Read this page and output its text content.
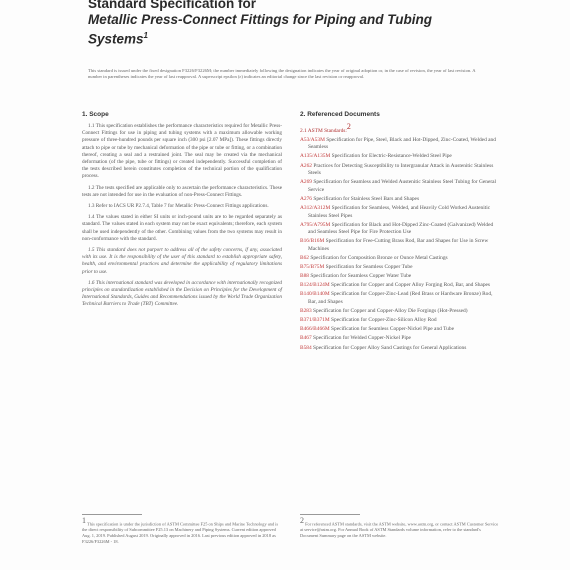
Standard Specification for
Metallic Press-Connect Fittings for Piping and Tubing
Systems$^1$
This standard is issued under the fixed designation F3226/F3226M; the number immediately following the designation indicates the year of original adoption or, in the case of revision, the year of last revision. A number in parentheses indicates the year of last reapproval. A superscript epsilon (ε) indicates an editorial change since the last revision or reapproval.
1. Scope
1.1 This specification establishes the performance characteristics required for Metallic Press-Connect Fittings for use in piping and tubing systems with a maximum allowable working pressure of three-hundred pounds per square inch (300 psi [2.07 MPa]). These fittings directly attach to pipe or tube by mechanical deformation of the pipe or tube or fitting, or a combination thereof, creating a seal and a restrained joint. The seal may be created via the mechanical deformation (of the pipe, tube or fittings) or created independently. Successful completion of the tests described herein constitutes completion of the technical portion of the qualification process.
1.2 The tests specified are applicable only to ascertain the performance characteristics. These tests are not intended for use in the evaluation of non-Press-Connect Fittings.
1.3 Refer to IACS UR P2.7.4, Table 7 for Metallic Press-Connect Fittings applications.
1.4 The values stated in either SI units or inch-pound units are to be regarded separately as standard. The values stated in each system may not be exact equivalents; therefore, each system shall be used independently of the other. Combining values from the two systems may result in non-conformance with the standard.
1.5 This standard does not purport to address all of the safety concerns, if any, associated with its use. It is the responsibility of the user of this standard to establish appropriate safety, health, and environmental practices and determine the applicability of regulatory limitations prior to use.
1.6 This international standard was developed in accordance with internationally recognized principles on standardization established in the Decision on Principles for the Development of International Standards, Guides and Recommendations issued by the World Trade Organization Technical Barriers to Trade (TBT) Committee.
2. Referenced Documents
2.1 ASTM Standards:$^2$
A53/A53M Specification for Pipe, Steel, Black and Hot-Dipped, Zinc-Coated, Welded and Seamless
A135/A135M Specification for Electric-Resistance-Welded Steel Pipe
A262 Practices for Detecting Susceptibility to Intergranular Attack in Austenitic Stainless Steels
A269 Specification for Seamless and Welded Austenitic Stainless Steel Tubing for General Service
A276 Specification for Stainless Steel Bars and Shapes
A312/A312M Specification for Seamless, Welded, and Heavily Cold Worked Austenitic Stainless Steel Pipes
A795/A795M Specification for Black and Hot-Dipped Zinc-Coated (Galvanized) Welded and Seamless Steel Pipe for Fire Protection Use
B16/B16M Specification for Free-Cutting Brass Rod, Bar and Shapes for Use in Screw Machines
B62 Specification for Composition Bronze or Ounce Metal Castings
B75/B75M Specification for Seamless Copper Tube
B88 Specification for Seamless Copper Water Tube
B124/B124M Specification for Copper and Copper Alloy Forging Rod, Bar, and Shapes
B140/B140M Specification for Copper-Zinc-Lead (Red Brass or Hardware Bronze) Rod, Bar, and Shapes
B283 Specification for Copper and Copper-Alloy Die Forgings (Hot-Pressed)
B371/B371M Specification for Copper-Zinc-Silicon Alloy Rod
B466/B466M Specification for Seamless Copper-Nickel Pipe and Tube
B467 Specification for Welded Copper-Nickel Pipe
B584 Specification for Copper Alloy Sand Castings for General Applications
$^1$ This specification is under the jurisdiction of ASTM Committee F25 on Ships and Marine Technology and is the direct responsibility of Subcommittee F25.13 on Machinery and Piping Systems. Current edition approved Aug. 1, 2019. Published August 2019. Originally approved in 2016. Last previous edition approved in 2018 as F3226/F3226M - 18.
$^2$ For referenced ASTM standards, visit the ASTM website, www.astm.org, or contact ASTM Customer Service at service@astm.org. For Annual Book of ASTM Standards volume information, refer to the standard's Document Summary page on the ASTM website.
